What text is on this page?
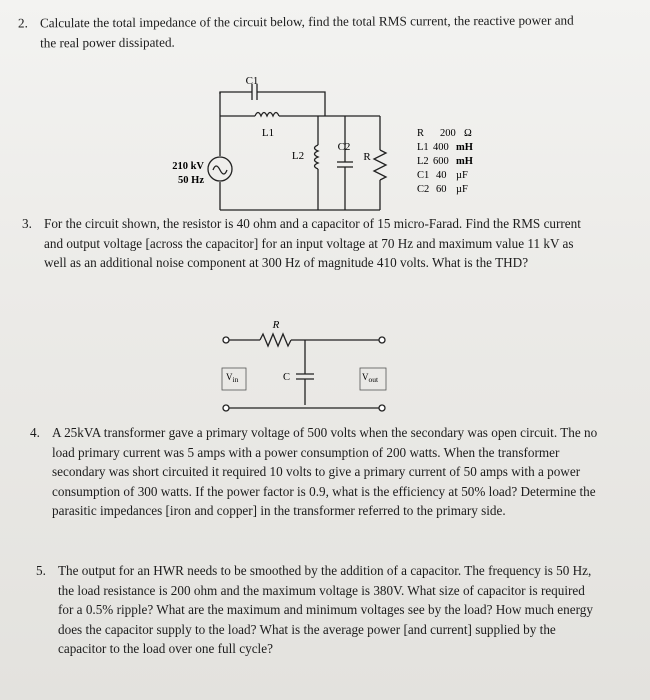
2. Calculate the total impedance of the circuit below, find the total RMS current, the reactive power and the real power dissipated.
C1
L1
L2
C2
R
210 kV
50 Hz
R 200 Ω
L1 400 mH
L2 600 mH
C1 40 µF
C2 60 µF
3. For the circuit shown, the resistor is 40 ohm and a capacitor of 15 micro-Farad. Find the RMS current and output voltage [across the capacitor] for an input voltage at 70 Hz and maximum value 11 kV as well as an additional noise component at 300 Hz of magnitude 410 volts. What is the THD?
R
C
$V_{in}$	$V_{out}$
4. A 25kVA transformer gave a primary voltage of 500 volts when the secondary was open circuit. The no load primary current was 5 amps with a power consumption of 200 watts. When the transformer secondary was short circuited it required 10 volts to give a primary current of 50 amps with a power consumption of 300 watts. If the power factor is 0.9, what is the efficiency at 50% load? Determine the parasitic impedances [iron and copper] in the transformer referred to the primary side.
5. The output for an HWR needs to be smoothed by the addition of a capacitor. The frequency is 50 Hz, the load resistance is 200 ohm and the maximum voltage is 380V. What size of capacitor is required for a 0.5% ripple? What are the maximum and minimum voltages see by the load? How much energy does the capacitor supply to the load? What is the average power [and current] supplied by the capacitor to the load over one full cycle?
